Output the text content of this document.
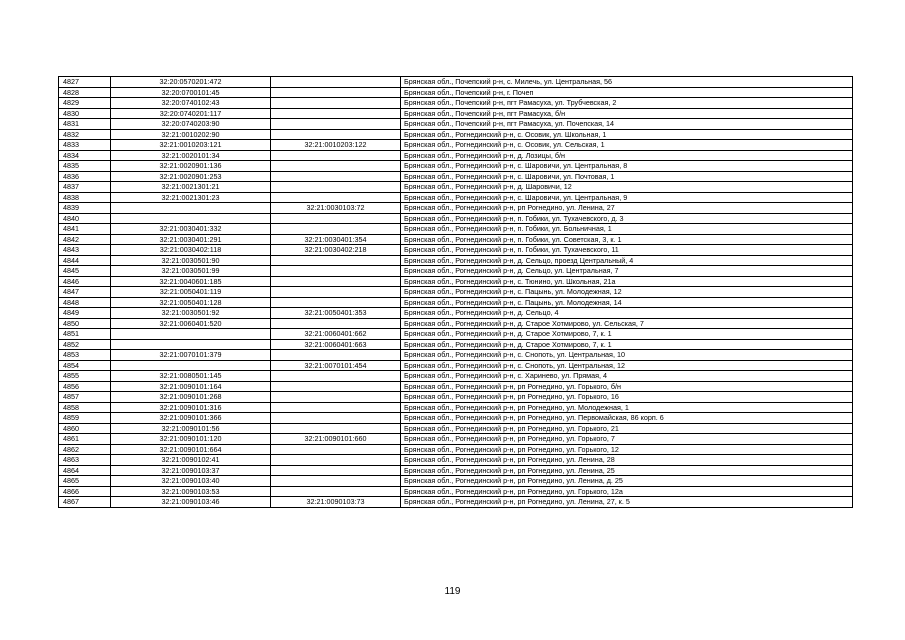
4827	32:20:0570201:472		Брянская обл., Почепский р-н, с. Милечь, ул. Центральная, 56
4828	32:20:0700101:45		Брянская обл., Почепский р-н, г. Почеп
4829	32:20:0740102:43		Брянская обл., Почепский р-н, пгт Рамасуха, ул. Трубчевская, 2
4830	32:20:0740201:117		Брянская обл., Почепский р-н, пгт Рамасуха, б/н
4831	32:20:0740203:90		Брянская обл., Почепский р-н, пгт Рамасуха, ул. Почепская, 14
4832	32:21:0010202:90		Брянская обл., Рогнединский р-н, с. Осовик, ул. Школьная, 1
4833	32:21:0010203:121	32:21:0010203:122	Брянская обл., Рогнединский р-н, с. Осовик, ул. Сельская, 1
4834	32:21:0020101:34		Брянская обл., Рогнединский р-н, д. Лозицы, б/н
4835	32:21:0020901:136		Брянская обл., Рогнединский р-н, с. Шаровичи, ул. Центральная, 8
4836	32:21:0020901:253		Брянская обл., Рогнединский р-н, с. Шаровичи, ул. Почтовая, 1
4837	32:21:0021301:21		Брянская обл., Рогнединский р-н, д. Шаровичи, 12
4838	32:21:0021301:23		Брянская обл., Рогнединский р-н, с. Шаровичи, ул. Центральная, 9
4839		32:21:0030103:72	Брянская обл., Рогнединский р-н, рп Рогнедино, ул. Ленина, 27
4840			Брянская обл., Рогнединский р-н, п. Гобики, ул. Тухачевского, д. 3
4841	32:21:0030401:332		Брянская обл., Рогнединский р-н, п. Гобики, ул. Больничная, 1
4842	32:21:0030401:291	32:21:0030401:354	Брянская обл., Рогнединский р-н, п. Гобики, ул. Советская, 3, к. 1
4843	32:21:0030402:118	32:21:0030402:218	Брянская обл., Рогнединский р-н, п. Гобики, ул. Тухачевского, 11
4844	32:21:0030501:90		Брянская обл., Рогнединский р-н, д. Сельцо, проезд Центральный, 4
4845	32:21:0030501:99		Брянская обл., Рогнединский р-н, д. Сельцо, ул. Центральная, 7
4846	32:21:0040601:185		Брянская обл., Рогнединский р-н, с. Тюнино, ул. Школьная, 21а
4847	32:21:0050401:119		Брянская обл., Рогнединский р-н, с. Пацынь, ул. Молодежная, 12
4848	32:21:0050401:128		Брянская обл., Рогнединский р-н, с. Пацынь, ул. Молодежная, 14
4849	32:21:0030501:92	32:21:0050401:353	Брянская обл., Рогнединский р-н, д. Сельцо, 4
4850	32:21:0060401:520		Брянская обл., Рогнединский р-н, д. Старое Хотмирово, ул. Сельская, 7
4851		32:21:0060401:662	Брянская обл., Рогнединский р-н, д. Старое Хотмирово, 7, к. 1
4852		32:21:0060401:663	Брянская обл., Рогнединский р-н, д. Старое Хотмирово, 7, к. 1
4853	32:21:0070101:379		Брянская обл., Рогнединский р-н, с. Снопоть, ул. Центральная, 10
4854		32:21:0070101:454	Брянская обл., Рогнединский р-н, с. Снопоть, ул. Центральная, 12
4855	32:21:0080501:145		Брянская обл., Рогнединский р-н, с. Харинево, ул. Прямая, 4
4856	32:21:0090101:164		Брянская обл., Рогнединский р-н, рп Рогнедино, ул. Горького, б/н
4857	32:21:0090101:268		Брянская обл., Рогнединский р-н, рп Рогнедино, ул. Горького, 16
4858	32:21:0090101:316		Брянская обл., Рогнединский р-н, рп Рогнедино, ул. Молодежная, 1
4859	32:21:0090101:366		Брянская обл., Рогнединский р-н, рп Рогнедино, ул. Первомайская, 86 корп. 6
4860	32:21:0090101:56		Брянская обл., Рогнединский р-н, рп Рогнедино, ул. Горького, 21
4861	32:21:0090101:120	32:21:0090101:660	Брянская обл., Рогнединский р-н, рп Рогнедино, ул. Горького, 7
4862	32:21:0090101:664		Брянская обл., Рогнединский р-н, рп Рогнедино, ул. Горького, 12
4863	32:21:0090102:41		Брянская обл., Рогнединский р-н, рп Рогнедино, ул. Ленина, 28
4864	32:21:0090103:37		Брянская обл., Рогнединский р-н, рп Рогнедино, ул. Ленина, 25
4865	32:21:0090103:40		Брянская обл., Рогнединский р-н, рп Рогнедино, ул. Ленина, д. 25
4866	32:21:0090103:53		Брянская обл., Рогнединский р-н, рп Рогнедино, ул. Горького, 12а
4867	32:21:0090103:46	32:21:0090103:73	Брянская обл., Рогнединский р-н, рп Рогнедино, ул. Ленина, 27, к. 5
119
